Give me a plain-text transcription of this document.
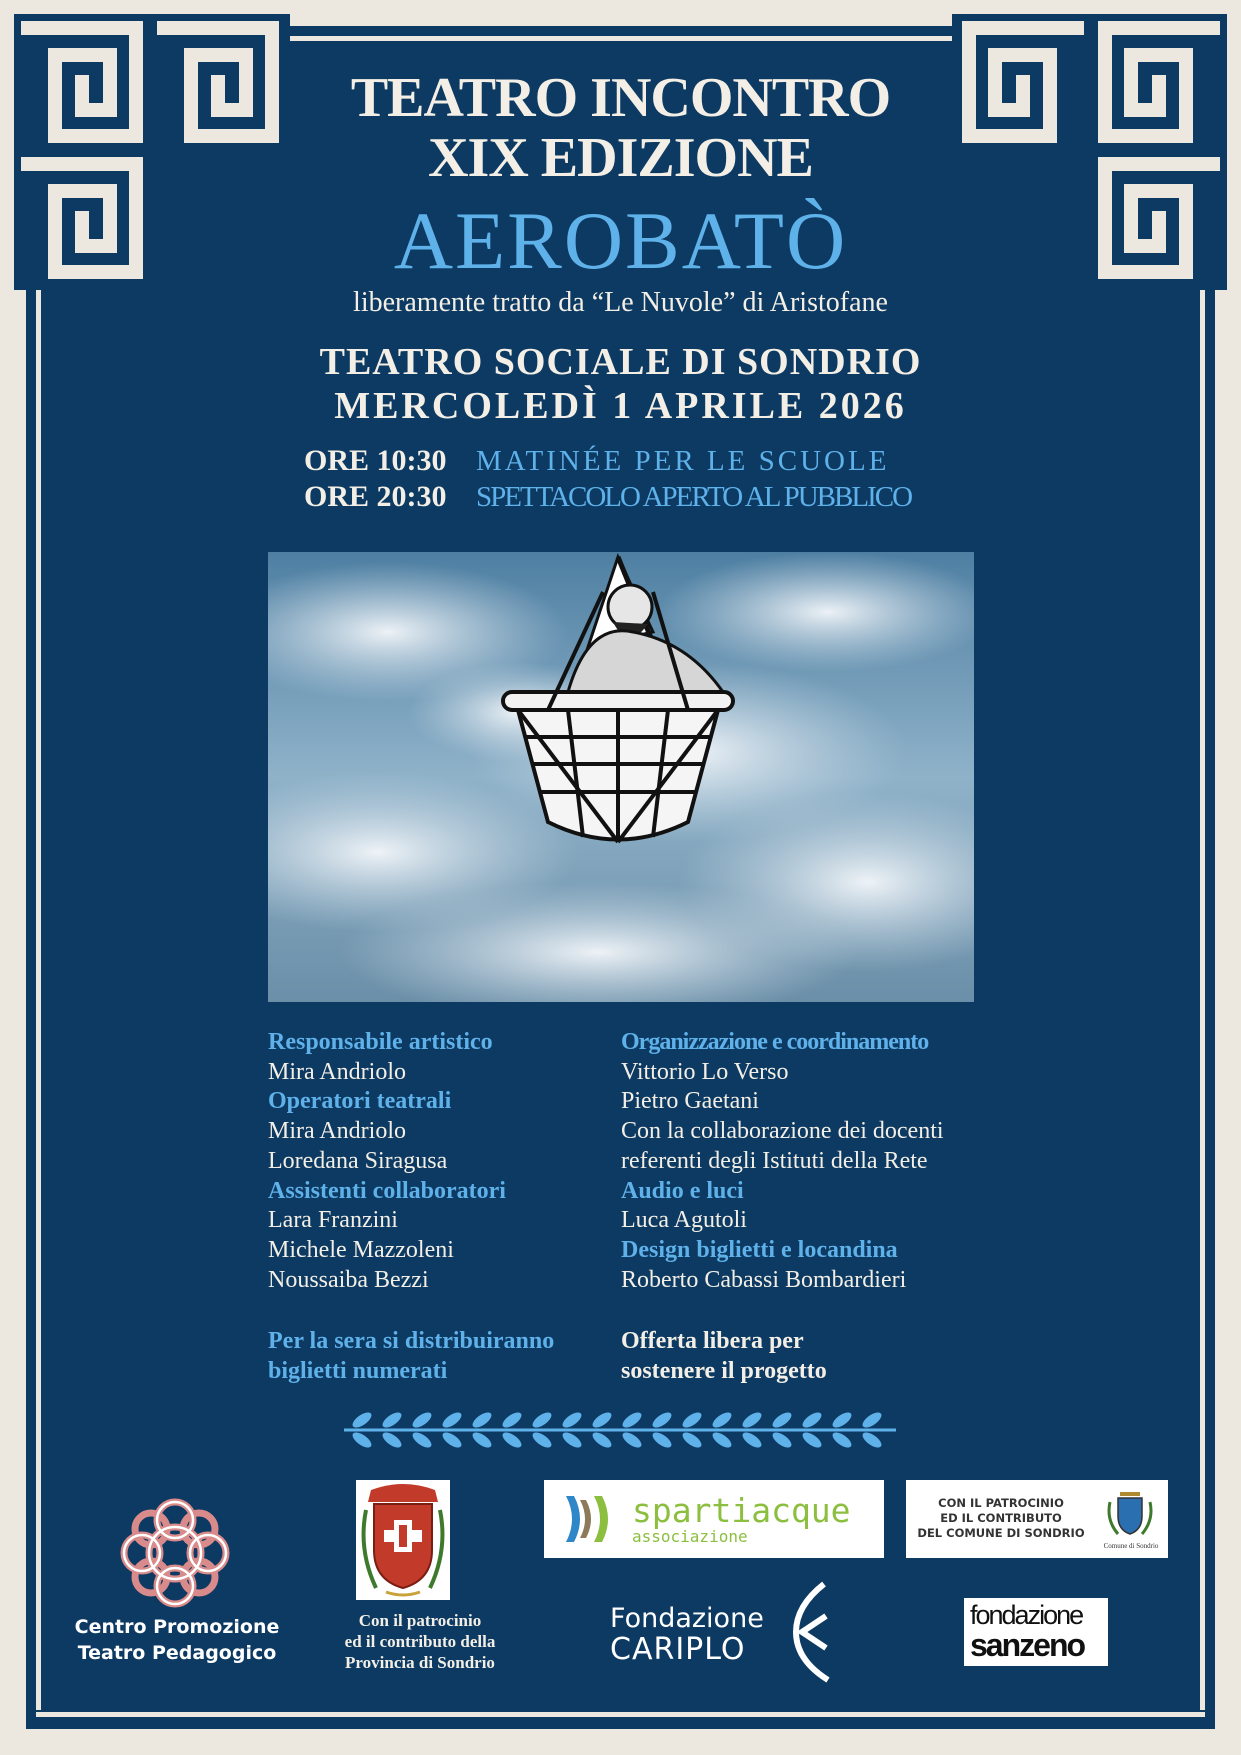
TEATRO INCONTRO
XIX EDIZIONE
AEROBATÒ
liberamente tratto da “Le Nuvole” di Aristofane
TEATRO SOCIALE DI SONDRIO
MERCOLEDÌ 1 APRILE 2026
ORE 10:30 MATINÉE PER LE SCUOLE
ORE 20:30 SPETTACOLO APERTO AL PUBBLICO
Responsabile artistico
Mira Andriolo
Operatori teatrali
Mira Andriolo
Loredana Siragusa
Assistenti collaboratori
Lara Franzini
Michele Mazzoleni
Noussaiba Bezzi
Organizzazione e coordinamento
Vittorio Lo Verso
Pietro Gaetani
Con la collaborazione dei docenti
referenti degli Istituti della Rete
Audio e luci
Luca Agutoli
Design biglietti e locandina
Roberto Cabassi Bombardieri
Per la sera si distribuiranno
biglietti numerati
Offerta libera per
sostenere il progetto
Centro Promozione
Teatro Pedagogico
Con il patrocinio
ed il contributo della
Provincia di Sondrio
spartiacque
associazione
CON IL PATROCINIO
ED IL CONTRIBUTO
DEL COMUNE DI SONDRIO
Comune di Sondrio
Fondazione
CARIPLO
fondazione
sanzeno
